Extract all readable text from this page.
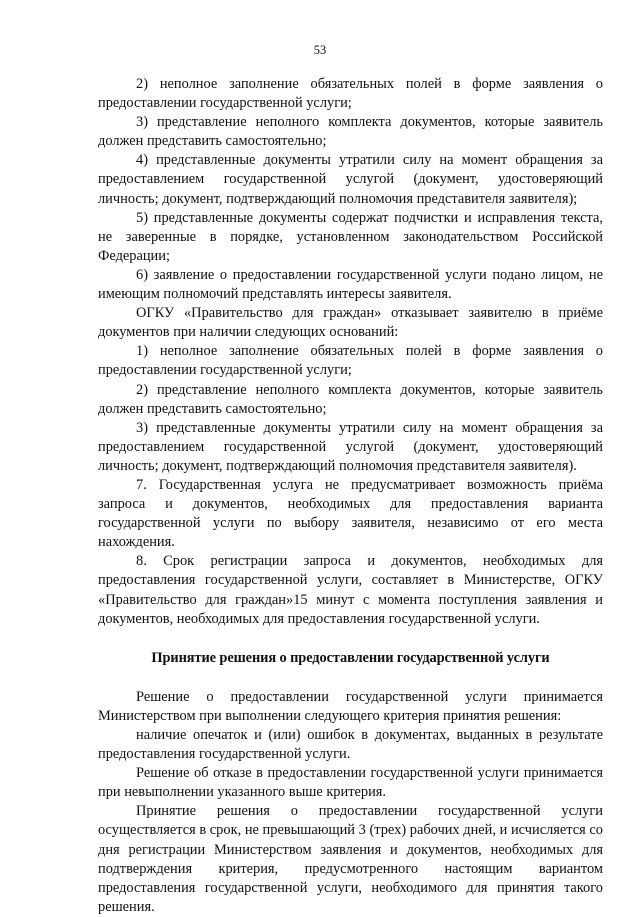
53

2) неполное заполнение обязательных полей в форме заявления о предоставлении государственной услуги;

3) представление неполного комплекта документов, которые заявитель должен представить самостоятельно;

4) представленные документы утратили силу на момент обращения за предоставлением государственной услугой (документ, удостоверяющий личность; документ, подтверждающий полномочия представителя заявителя);

5) представленные документы содержат подчистки и исправления текста, не заверенные в порядке, установленном законодательством Российской Федерации;

6) заявление о предоставлении государственной услуги подано лицом, не имеющим полномочий представлять интересы заявителя.

ОГКУ «Правительство для граждан» отказывает заявителю в приёме документов при наличии следующих оснований:

1) неполное заполнение обязательных полей в форме заявления о предоставлении государственной услуги;

2) представление неполного комплекта документов, которые заявитель должен представить самостоятельно;

3) представленные документы утратили силу на момент обращения за предоставлением государственной услугой (документ, удостоверяющий личность; документ, подтверждающий полномочия представителя заявителя).

7. Государственная услуга не предусматривает возможность приёма запроса и документов, необходимых для предоставления варианта государственной услуги по выбору заявителя, независимо от его места нахождения.

8. Срок регистрации запроса и документов, необходимых для предоставления государственной услуги, составляет в Министерстве, ОГКУ «Правительство для граждан»15 минут с момента поступления заявления и документов, необходимых для предоставления государственной услуги.

Принятие решения о предоставлении государственной услуги

Решение о предоставлении государственной услуги принимается Министерством при выполнении следующего критерия принятия решения:

наличие опечаток и (или) ошибок в документах, выданных в результате предоставления государственной услуги.

Решение об отказе в предоставлении государственной услуги принимается при невыполнении указанного выше критерия.

Принятие решения о предоставлении государственной услуги осуществляется в срок, не превышающий 3 (трех) рабочих дней, и исчисляется со дня регистрации Министерством заявления и документов, необходимых для подтверждения критерия, предусмотренного настоящим вариантом предоставления государственной услуги, необходимого для принятия такого решения.
